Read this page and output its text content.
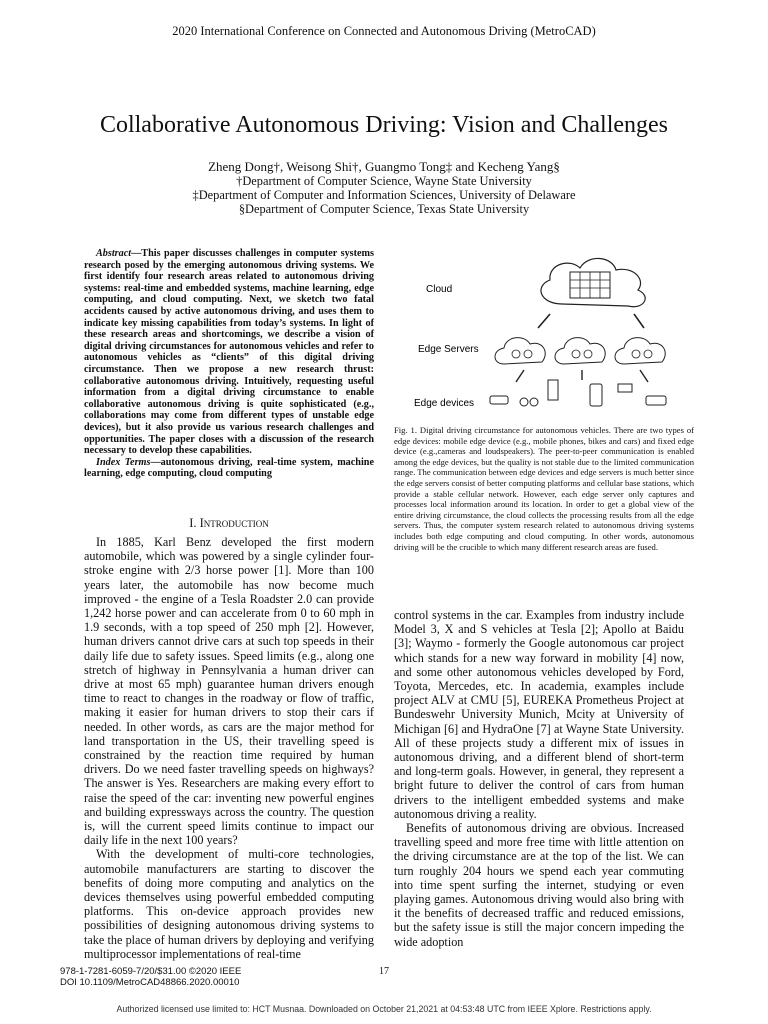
2020 International Conference on Connected and Autonomous Driving (MetroCAD)
Collaborative Autonomous Driving: Vision and Challenges
Zheng Dong†, Weisong Shi†, Guangmo Tong‡ and Kecheng Yang§
†Department of Computer Science, Wayne State University
‡Department of Computer and Information Sciences, University of Delaware
§Department of Computer Science, Texas State University

Abstract—This paper discusses challenges in computer systems research posed by the emerging autonomous driving systems. We first identify four research areas related to autonomous driving systems: real-time and embedded systems, machine learning, edge computing, and cloud computing. Next, we sketch two fatal accidents caused by active autonomous driving, and uses them to indicate key missing capabilities from today’s systems. In light of these research areas and shortcomings, we describe a vision of digital driving circumstances for autonomous vehicles and refer to autonomous vehicles as “clients” of this digital driving circumstance. Then we propose a new research thrust: collaborative autonomous driving. Intuitively, requesting useful information from a digital driving circumstance to enable collaborative autonomous driving is quite sophisticated (e.g., collaborations may come from different types of unstable edge devices), but it also provide us various research challenges and opportunities. The paper closes with a discussion of the research necessary to develop these capabilities.

Index Terms—autonomous driving, real-time system, machine learning, edge computing, cloud computing

I. Introduction

In 1885, Karl Benz developed the first modern automobile, which was powered by a single cylinder four-stroke engine with 2/3 horse power [1]. More than 100 years later, the automobile has now become much improved - the engine of a Tesla Roadster 2.0 can provide 1,242 horse power and can accelerate from 0 to 60 mph in 1.9 seconds, with a top speed of 250 mph [2]. However, human drivers cannot drive cars at such top speeds in their daily life due to safety issues. Speed limits (e.g., along one stretch of highway in Pennsylvania a human driver can drive at most 65 mph) guarantee human drivers enough time to react to changes in the roadway or flow of traffic, making it easier for human drivers to stop their cars if needed. In other words, as cars are the major method for land transportation in the US, their travelling speed is constrained by the reaction time required by human drivers. Do we need faster travelling speeds on highways? The answer is Yes. Researchers are making every effort to raise the speed of the car: inventing new powerful engines and building expressways across the country. The question is, will the current speed limits continue to impact our daily life in the next 100 years?

With the development of multi-core technologies, automobile manufacturers are starting to discover the benefits of doing more computing and analytics on the devices themselves using powerful embedded computing platforms. This on-device approach provides new possibilities of designing autonomous driving systems to take the place of human drivers by deploying and verifying multiprocessor implementations of real-time

Cloud
Edge Servers
Edge devices
Fig. 1. Digital driving circumstance for autonomous vehicles. There are two types of edge devices: mobile edge device (e.g., mobile phones, bikes and cars) and fixed edge device (e.g.,cameras and loudspeakers). The peer-to-peer communication is enabled among the edge devices, but the quality is not stable due to the limited communication range. The communication between edge devices and edge servers is much better since the edge servers consist of better computing platforms and cellular base stations, which provide a stable cellular network. However, each edge server only captures and processes local information around its location. In order to get a global view of the entire driving circumstance, the cloud collects the processing results from all the edge servers. Thus, the computer system research related to autonomous driving systems includes both edge computing and cloud computing. In other words, autonomous driving will be the crucible to which many different research areas are fused.

control systems in the car. Examples from industry include Model 3, X and S vehicles at Tesla [2]; Apollo at Baidu [3]; Waymo - formerly the Google autonomous car project which stands for a new way forward in mobility [4] now, and some other autonomous vehicles developed by Ford, Toyota, Mercedes, etc. In academia, examples include project ALV at CMU [5], EUREKA Prometheus Project at Bundeswehr University Munich, Mcity at University of Michigan [6] and HydraOne [7] at Wayne State University. All of these projects study a different mix of issues in autonomous driving, and a different blend of short-term and long-term goals. However, in general, they represent a bright future to deliver the control of cars from human drivers to the intelligent embedded systems and make autonomous driving a reality.

Benefits of autonomous driving are obvious. Increased travelling speed and more free time with little attention on the driving circumstance are at the top of the list. We can turn roughly 204 hours we spend each year commuting into time spent surfing the internet, studying or even playing games. Autonomous driving would also bring with it the benefits of decreased traffic and reduced emissions, but the safety issue is still the major concern impeding the wide adoption

978-1-7281-6059-7/20/$31.00 ©2020 IEEE
DOI 10.1109/MetroCAD48866.2020.00010
17
Authorized licensed use limited to: HCT Musnaa. Downloaded on October 21,2021 at 04:53:48 UTC from IEEE Xplore. Restrictions apply.
